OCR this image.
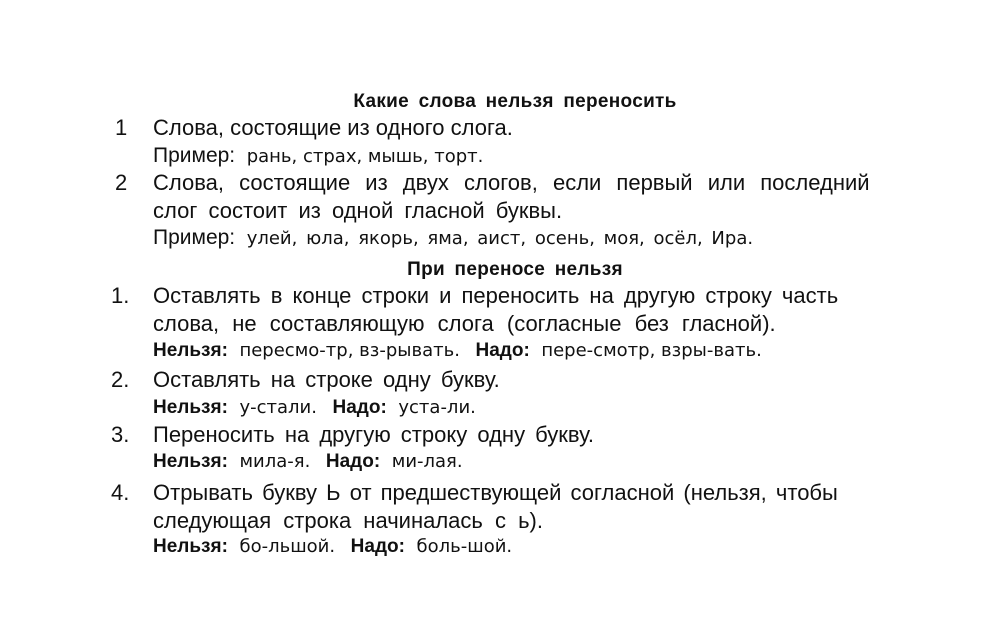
Какие слова нельзя переносить
1 Слова, состоящие из одного слога.
Пример: рань, страх, мышь, торт.
2 Слова, состоящие из двух слогов, если первый или последний
слог состоит из одной гласной буквы.
Пример: улей, юла, якорь, яма, аист, осень, моя, осёл, Ира.
При переносе нельзя
1. Оставлять в конце строки и переносить на другую строку часть
слова, не составляющую слога (согласные без гласной).
Нельзя: пересмо-тр, вз-рывать. Надо: пере-смотр, взры-вать.
2. Оставлять на строке одну букву.
Нельзя: у-стали. Надо: уста-ли.
3. Переносить на другую строку одну букву.
Нельзя: мила-я. Надо: ми-лая.
4. Отрывать букву Ь от предшествующей согласной (нельзя, чтобы
следующая строка начиналась с ь).
Нельзя: бо-льшой. Надо: боль-шой.
